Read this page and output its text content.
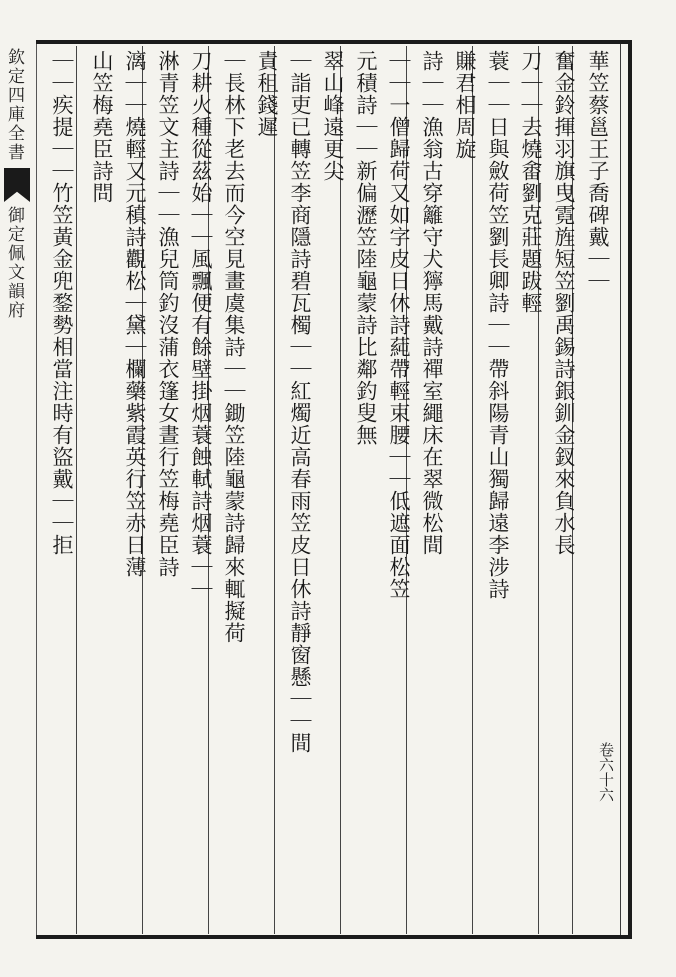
欽定四庫全書
御定佩文韻府
卷六十六
華笠蔡邕王子喬碑戴｜｜
奮金鈴揮羽旗曳霓旌短笠劉禹錫詩銀釧金釵來負水長
刀｜｜去燒畬劉克莊題跋輕
蓑｜｜日與斂荷笠劉長卿詩｜｜帶斜陽青山獨歸遠李涉詩
賺君相周旋
詩｜｜漁翁古穿籬守犬獰馬戴詩禪室繩床在翠微松間
｜｜一僧歸荷又如字皮日休詩蒓帶輕束腰｜｜低遮面松笠
元積詩｜｜新偏瀝笠陸龜蒙詩比鄰釣叟無
翠山峰遠更尖
｜詣吏已轉笠李商隱詩碧瓦㯮｜｜紅燭近高春雨笠皮日休詩靜窗懸｜｜間
責租錢遲
｜長林下老去而今空見畫虞集詩｜｜鋤笠陸龜蒙詩歸來輒擬荷
刀耕火種從茲始｜｜風飄便有餘壁掛烟蓑蝕軾詩烟蓑｜｜
淋青笠文主詩｜｜漁兒筒釣沒蒲衣篷女晝行笠梅堯臣詩
漓｜｜燒輕又元稹詩觀松｜黛｜欄藥紫霞英行笠赤日薄
山笠梅堯臣詩問
｜｜疾提｜｜竹笠黃金兜鍪勢相當注時有盜戴｜｜拒
